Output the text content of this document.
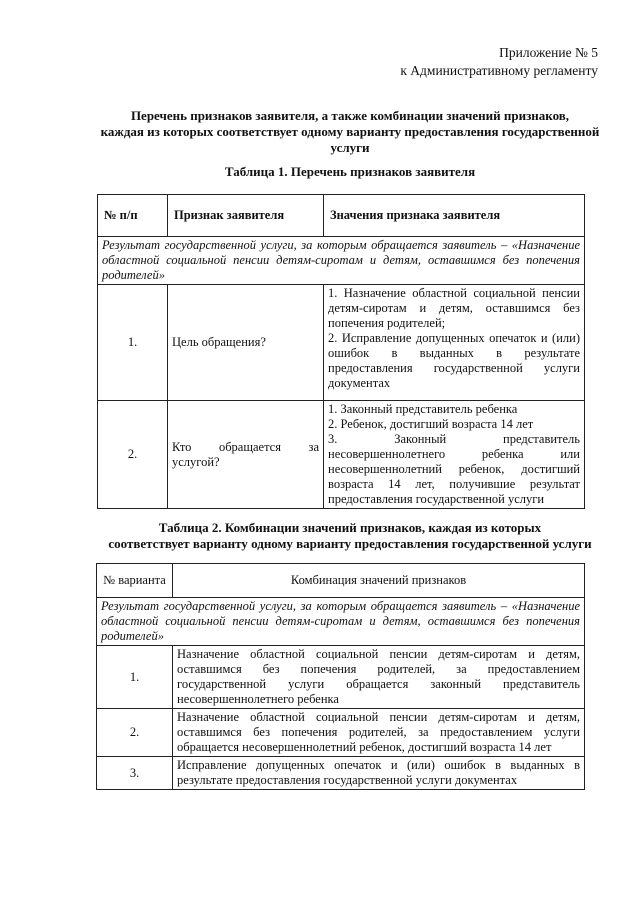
Приложение № 5
к Административному регламенту
Перечень признаков заявителя, а также комбинации значений признаков,
каждая из которых соответствует одному варианту предоставления государственной
услуги
Таблица 1. Перечень признаков заявителя
№ п/п	Признак заявителя	Значения признака заявителя
Результат государственной услуги, за которым обращается заявитель – «Назначение областной социальной пенсии детям-сиротам и детям, оставшимся без попечения родителей»		
1.	Цель обращения?	1. Назначение областной социальной пенсии детям-сиротам и детям, оставшимся без попечения родителей;
2. Исправление допущенных опечаток и (или) ошибок в выданных в результате предоставления государственной услуги документах

2.	Кто обращается за услугой?	1. Законный представитель ребенка
2. Ребенок, достигший возраста 14 лет
3. Законный представитель несовершеннолетнего ребенка или несовершеннолетний ребенок, достигший возраста 14 лет, получившие результат предоставления государственной услуги
Таблица 2. Комбинации значений признаков, каждая из которых
соответствует варианту одному варианту предоставления государственной услуги
№ варианта	Комбинация значений признаков
Результат государственной услуги, за которым обращается заявитель – «Назначение областной социальной пенсии детям-сиротам и детям, оставшимся без попечения родителей»	
1.	Назначение областной социальной пенсии детям-сиротам и детям, оставшимся без попечения родителей, за предоставлением государственной услуги обращается законный представитель несовершеннолетнего ребенка
2.	Назначение областной социальной пенсии детям-сиротам и детям, оставшимся без попечения родителей, за предоставлением услуги обращается несовершеннолетний ребенок, достигший возраста 14 лет
3.	Исправление допущенных опечаток и (или) ошибок в выданных в результате предоставления государственной услуги документах
